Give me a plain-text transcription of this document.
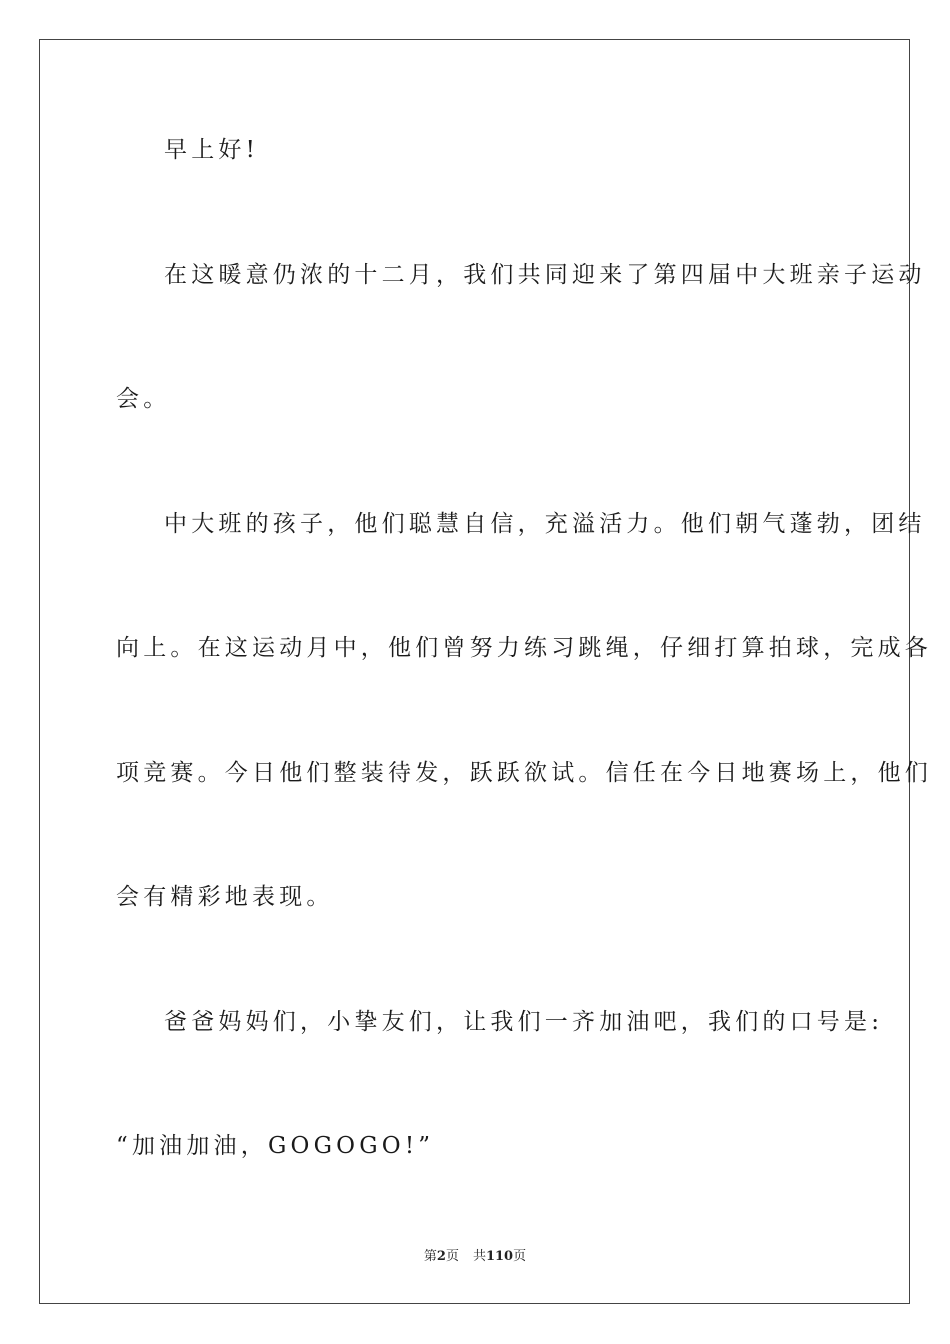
早上好!
在这暖意仍浓的十二月，我们共同迎来了第四届中大班亲子运动
会。
中大班的孩子，他们聪慧自信，充溢活力。他们朝气蓬勃，团结
向上。在这运动月中，他们曾努力练习跳绳，仔细打算拍球，完成各
项竞赛。今日他们整装待发，跃跃欲试。信任在今日地赛场上，他们
会有精彩地表现。
爸爸妈妈们，小挚友们，让我们一齐加油吧，我们的口号是:
“加油加油，GOGOGO!”
第2页 共110页
